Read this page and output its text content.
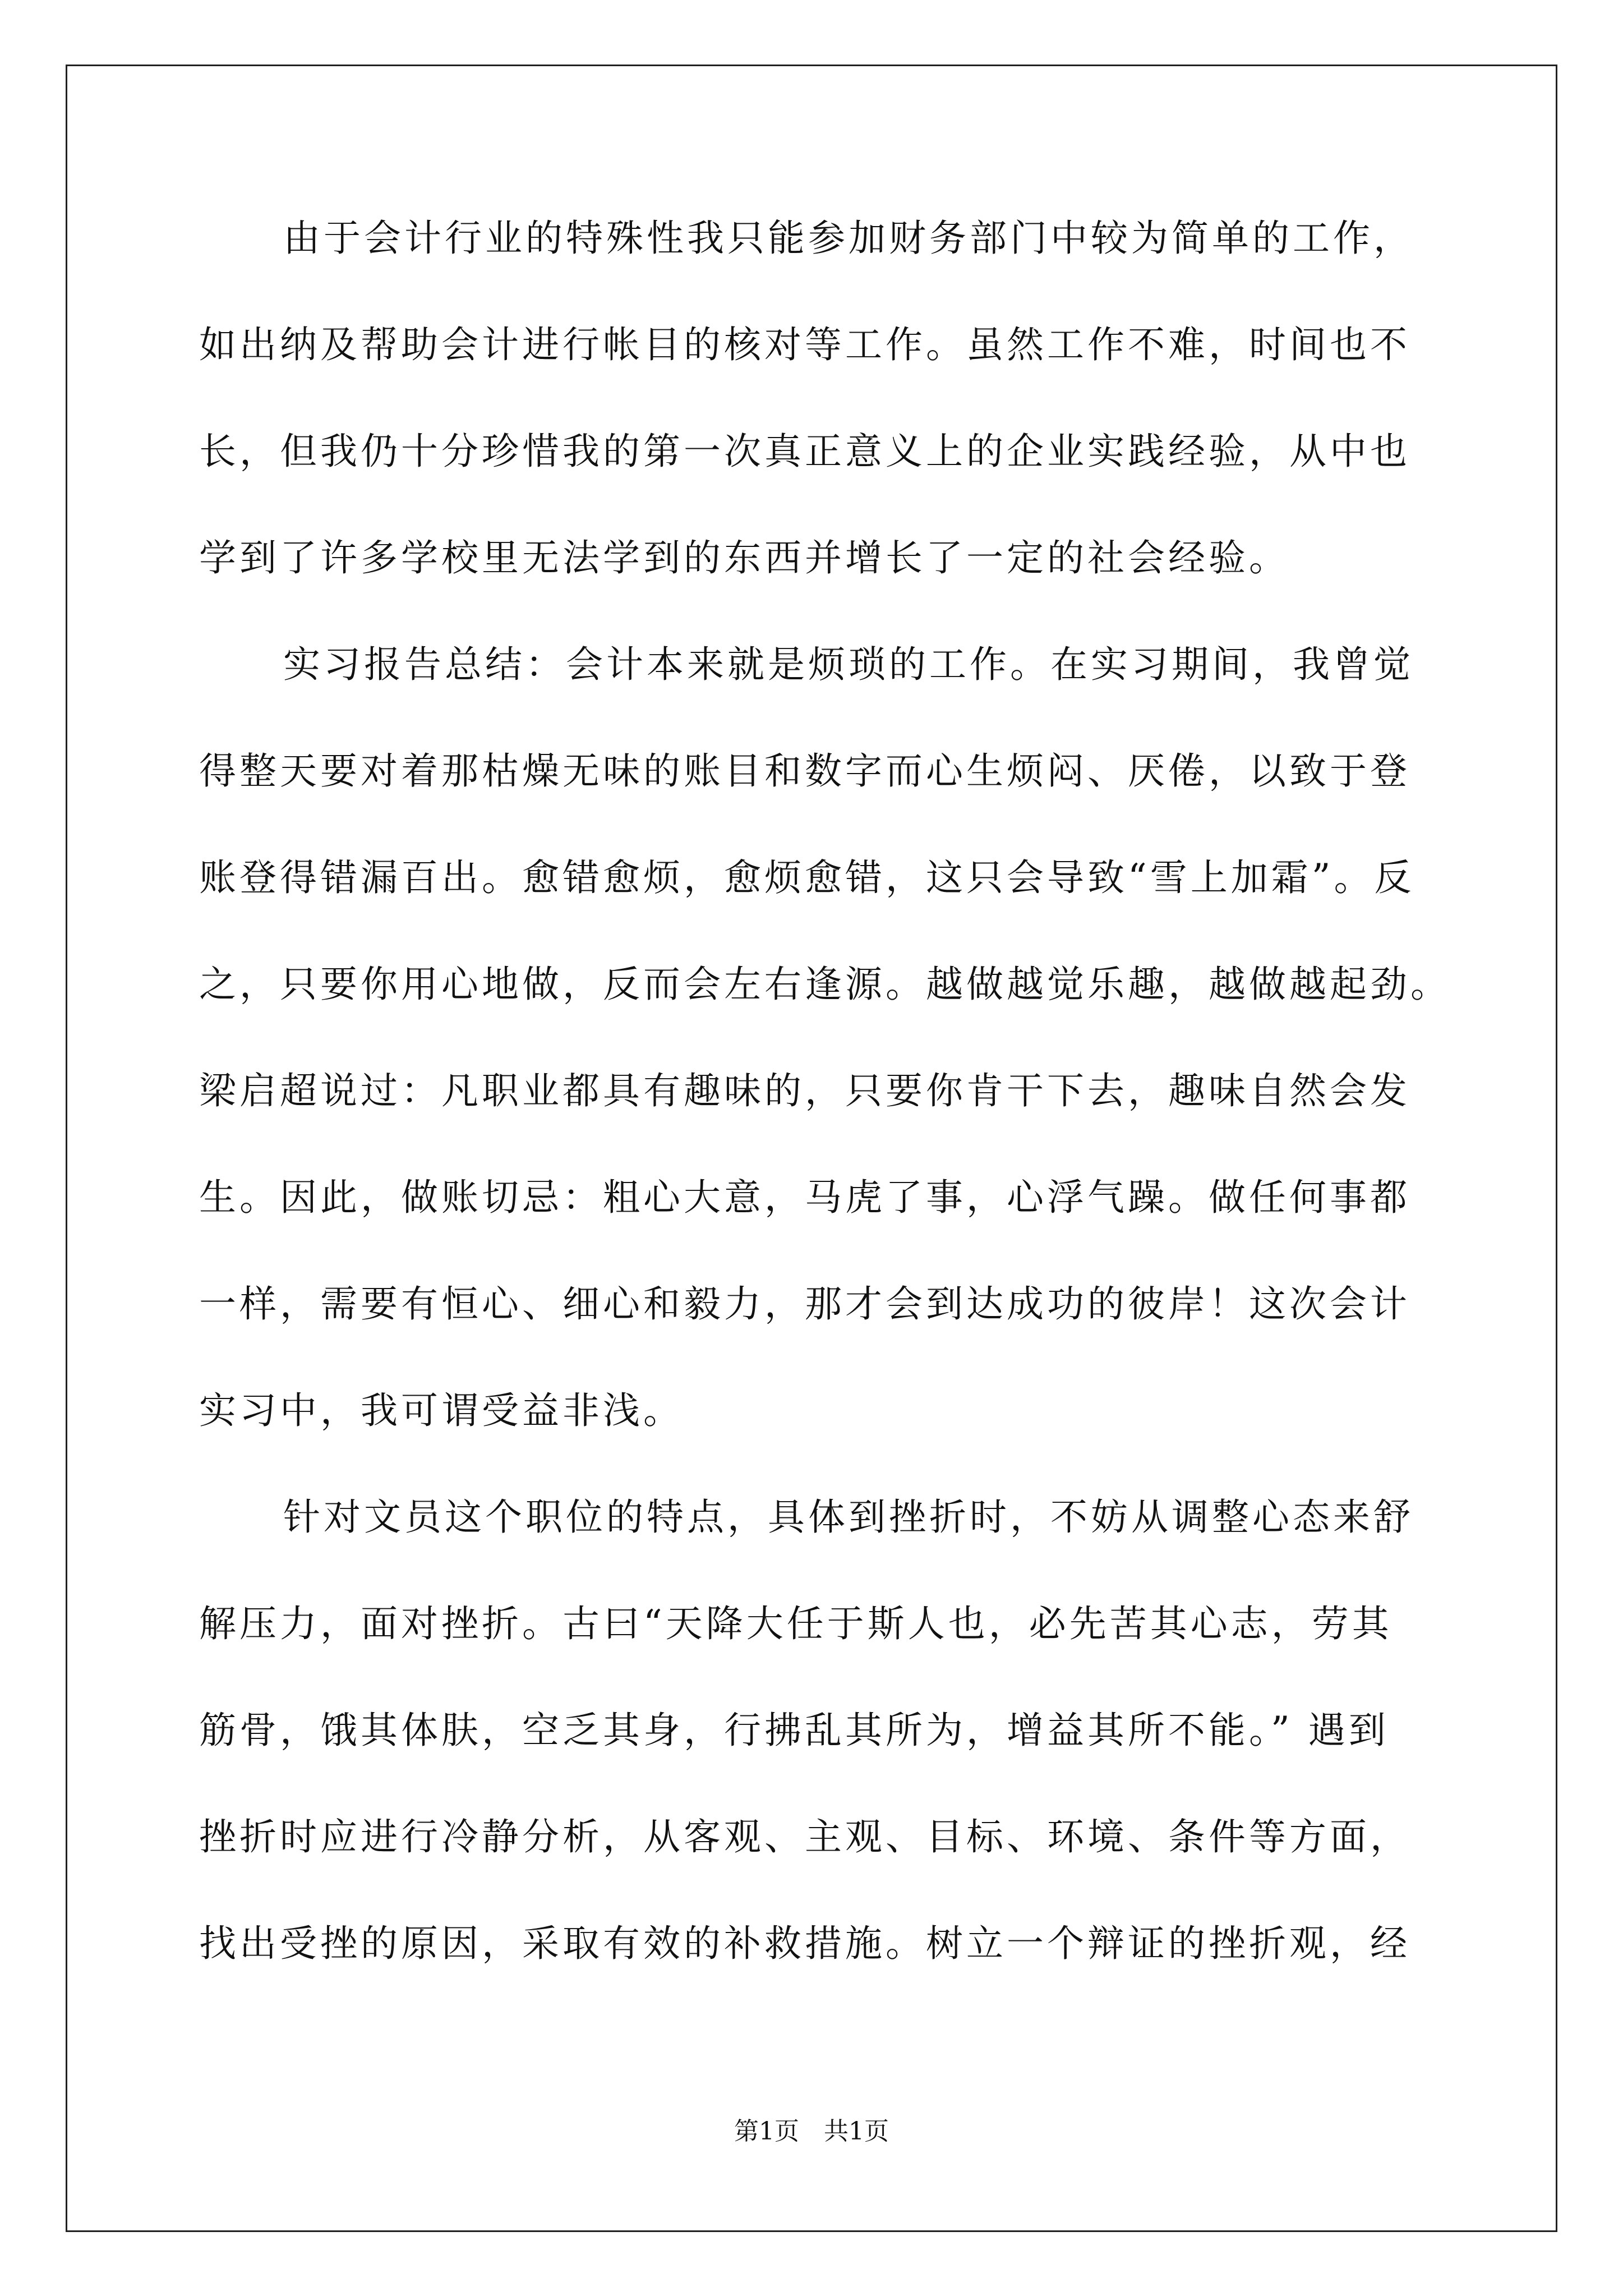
由于会计行业的特殊性我只能参加财务部门中较为简单的工作，
如出纳及帮助会计进行帐目的核对等工作。虽然工作不难，时间也不
长，但我仍十分珍惜我的第一次真正意义上的企业实践经验，从中也
学到了许多学校里无法学到的东西并增长了一定的社会经验。
实习报告总结：会计本来就是烦琐的工作。在实习期间，我曾觉
得整天要对着那枯燥无味的账目和数字而心生烦闷、厌倦，以致于登
账登得错漏百出。愈错愈烦，愈烦愈错，这只会导致“雪上加霜”。反
之，只要你用心地做，反而会左右逢源。越做越觉乐趣，越做越起劲。
梁启超说过：凡职业都具有趣味的，只要你肯干下去，趣味自然会发
生。因此，做账切忌：粗心大意，马虎了事，心浮气躁。做任何事都
一样，需要有恒心、细心和毅力，那才会到达成功的彼岸！这次会计
实习中，我可谓受益非浅。
针对文员这个职位的特点，具体到挫折时，不妨从调整心态来舒
解压力，面对挫折。古曰“天降大任于斯人也，必先苦其心志，劳其
筋骨，饿其体肤，空乏其身，行拂乱其所为，增益其所不能。” 遇到
挫折时应进行冷静分析，从客观、主观、目标、环境、条件等方面，
找出受挫的原因，采取有效的补救措施。树立一个辩证的挫折观，经
第1页 共1页
